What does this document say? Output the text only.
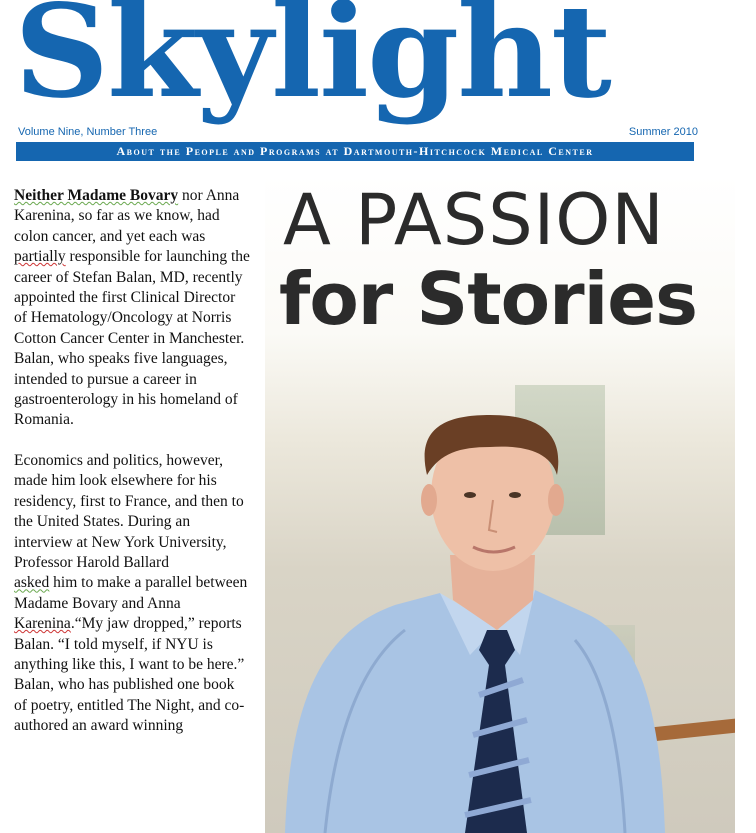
Skylight
Volume Nine, Number Three	Summer 2010
About the People and Programs at Dartmouth-Hitchcock Medical Center

Neither Madame Bovary nor Anna Karenina, so far as we know, had colon cancer, and yet each was
partially responsible for launching the career of Stefan Balan, MD, recently appointed the first Clinical Director of Hematology/Oncology at Norris Cotton Cancer Center in Manchester. Balan, who speaks five languages, intended to pursue a career in gastroenterology in his homeland of Romania.

Economics and politics, however, made him look elsewhere for his residency, first to France, and then to the United States. During an interview at New York University, Professor Harold Ballard
asked him to make a parallel between Madame Bovary and Anna Karenina.“My jaw dropped,” reports Balan. “I told myself, if NYU is anything like this, I want to be here.” Balan, who has published one book of poetry, entitled The Night, and co-authored an award winning

A PASSION
for Stories
